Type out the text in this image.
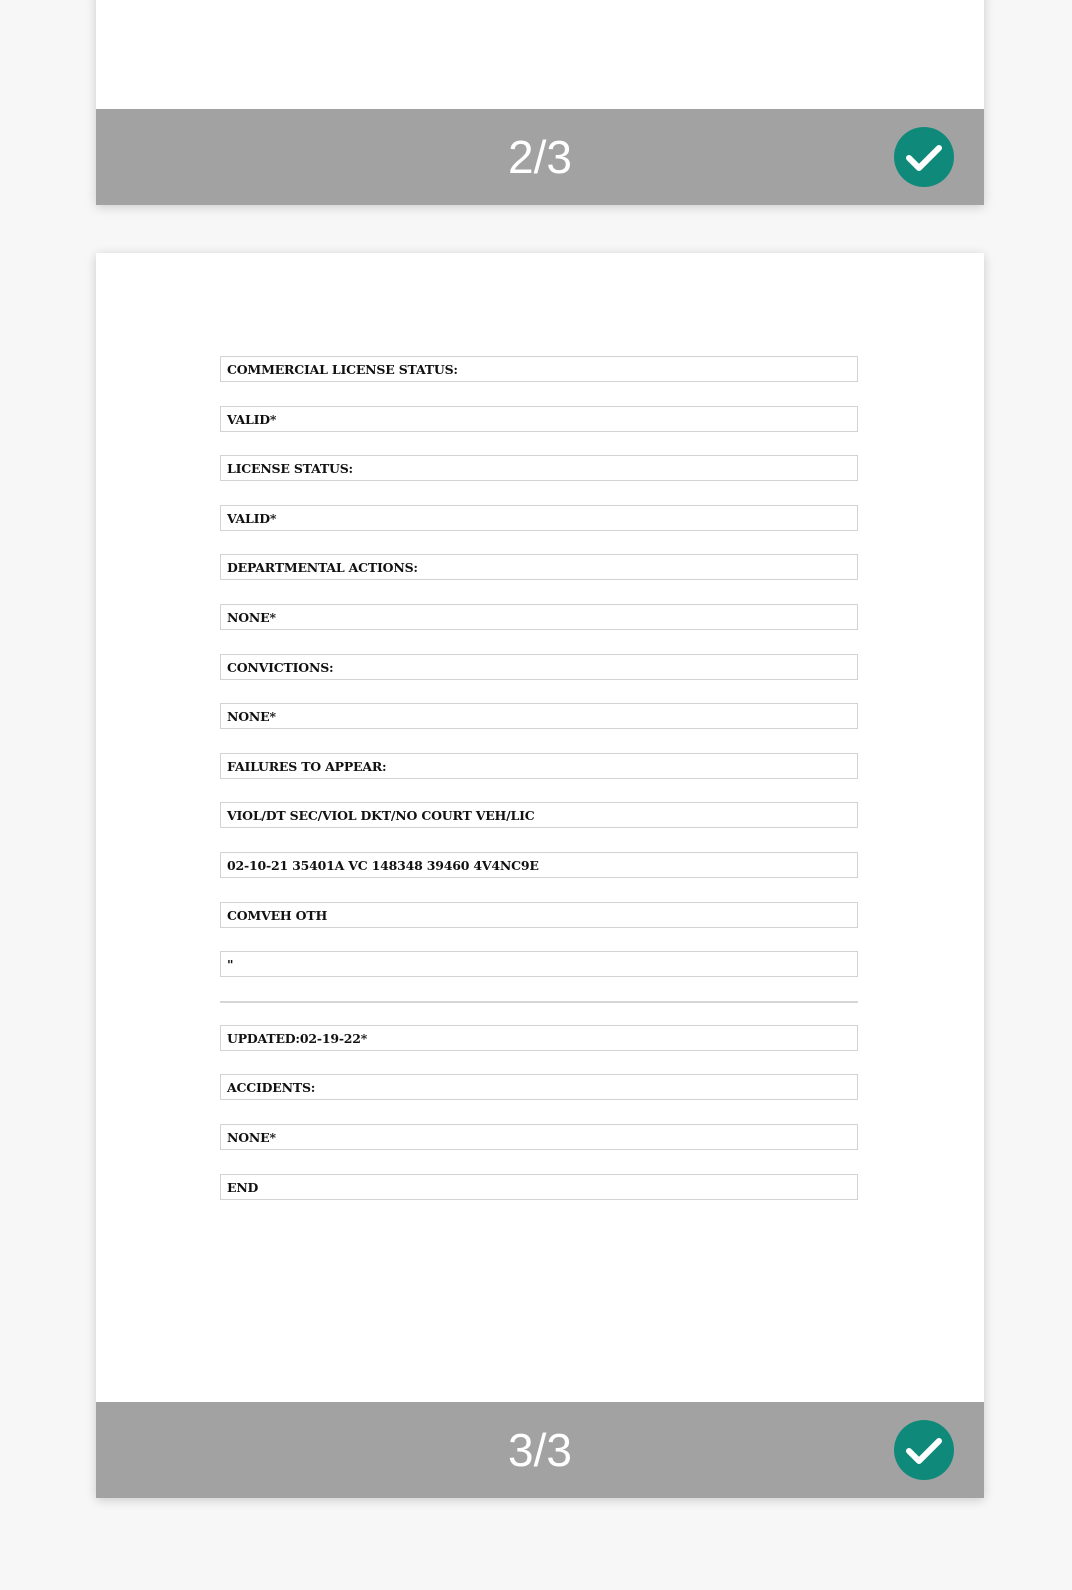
2/3
COMMERCIAL LICENSE STATUS:
VALID*
LICENSE STATUS:
VALID*
DEPARTMENTAL ACTIONS:
NONE*
CONVICTIONS:
NONE*
FAILURES TO APPEAR:
VIOL/DT SEC/VIOL DKT/NO COURT VEH/LIC
02-10-21 35401A VC 148348 39460 4V4NC9E
COMVEH OTH
"
UPDATED:02-19-22*
ACCIDENTS:
NONE*
END
3/3
